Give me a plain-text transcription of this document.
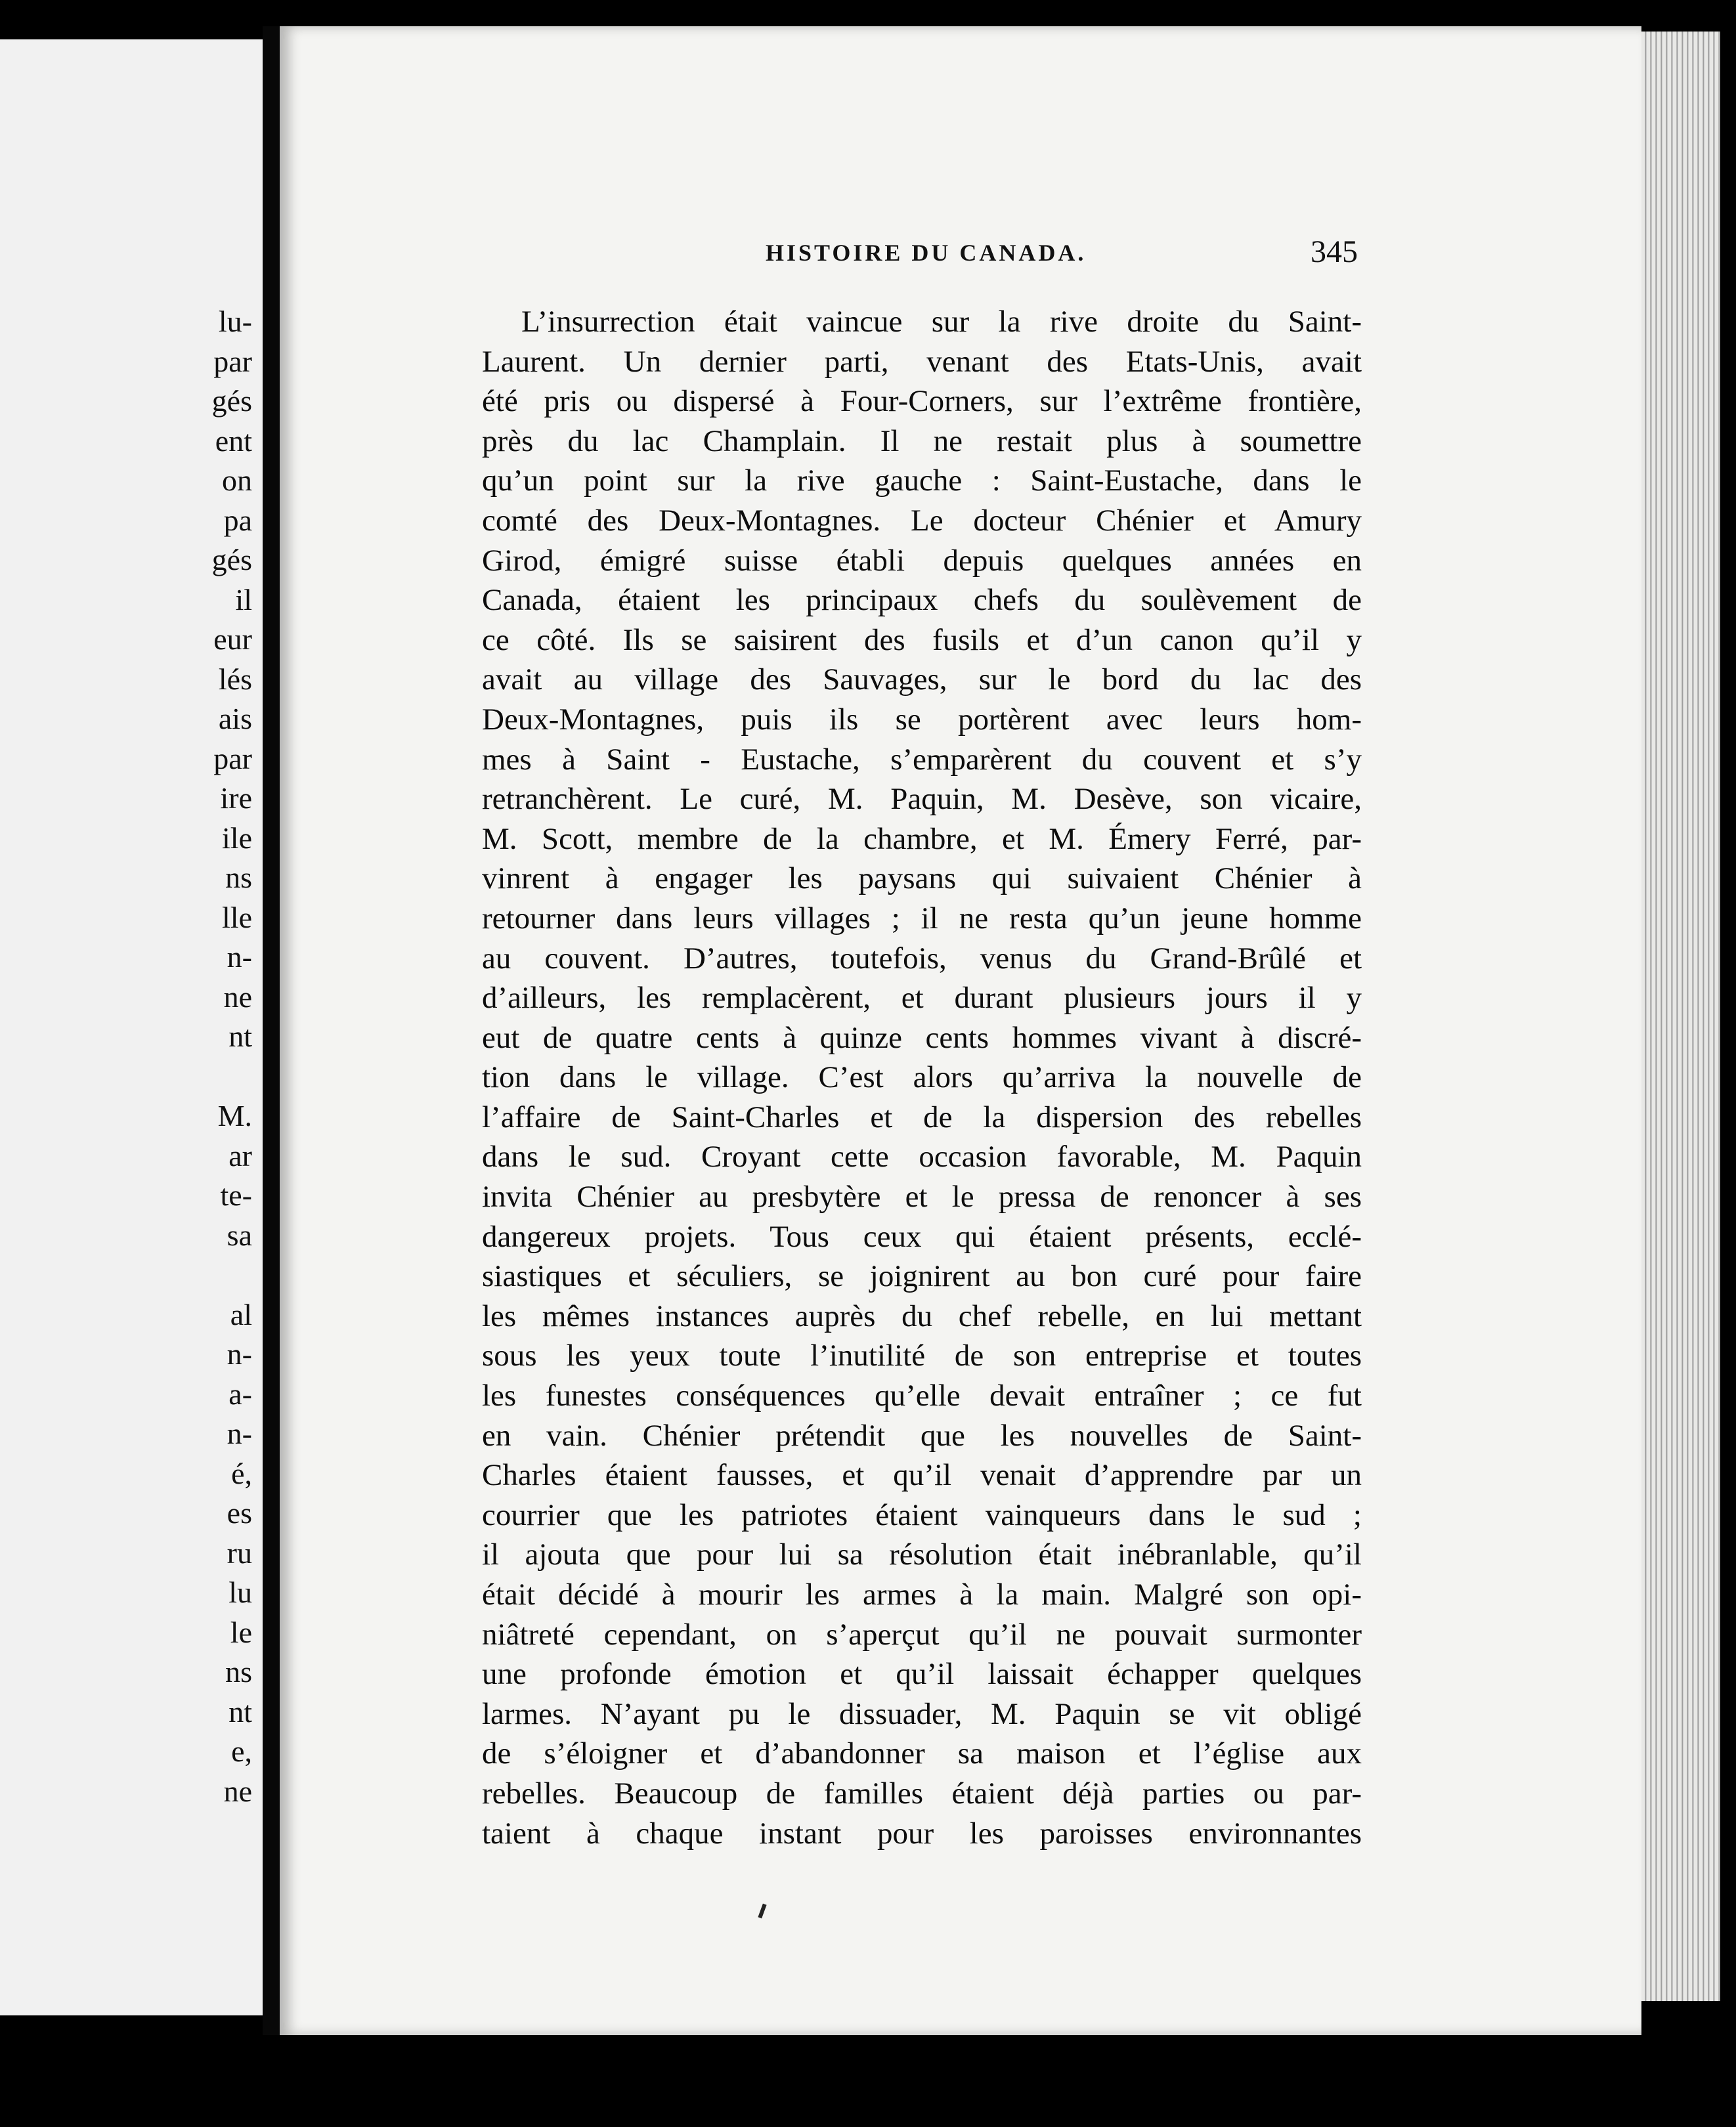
lu-
par
gés
ent
on
pa
gés
il
eur
lés
ais
par
ire
ile
ns
lle
n-
ne
nt
M.
ar
te-
sa
al
n-
a-
n-
é,
es
ru
lu
le
ns
nt
e,
ne
HISTOIRE DU CANADA.	345
L’insurrection était vaincue sur la rive droite du Saint-
Laurent. Un dernier parti, venant des Etats-Unis, avait
été pris ou dispersé à Four-Corners, sur l’extrême frontière,
près du lac Champlain. Il ne restait plus à soumettre
qu’un point sur la rive gauche : Saint-Eustache, dans le
comté des Deux-Montagnes. Le docteur Chénier et Amury
Girod, émigré suisse établi depuis quelques années en
Canada, étaient les principaux chefs du soulèvement de
ce côté. Ils se saisirent des fusils et d’un canon qu’il y
avait au village des Sauvages, sur le bord du lac des
Deux-Montagnes, puis ils se portèrent avec leurs hom-
mes à Saint - Eustache, s’emparèrent du couvent et s’y
retranchèrent. Le curé, M. Paquin, M. Desève, son vicaire,
M. Scott, membre de la chambre, et M. Émery Ferré, par-
vinrent à engager les paysans qui suivaient Chénier à
retourner dans leurs villages ; il ne resta qu’un jeune homme
au couvent. D’autres, toutefois, venus du Grand-Brûlé et
d’ailleurs, les remplacèrent, et durant plusieurs jours il y
eut de quatre cents à quinze cents hommes vivant à discré-
tion dans le village. C’est alors qu’arriva la nouvelle de
l’affaire de Saint-Charles et de la dispersion des rebelles
dans le sud. Croyant cette occasion favorable, M. Paquin
invita Chénier au presbytère et le pressa de renoncer à ses
dangereux projets. Tous ceux qui étaient présents, ecclé-
siastiques et séculiers, se joignirent au bon curé pour faire
les mêmes instances auprès du chef rebelle, en lui mettant
sous les yeux toute l’inutilité de son entreprise et toutes
les funestes conséquences qu’elle devait entraîner ; ce fut
en vain. Chénier prétendit que les nouvelles de Saint-
Charles étaient fausses, et qu’il venait d’apprendre par un
courrier que les patriotes étaient vainqueurs dans le sud ;
il ajouta que pour lui sa résolution était inébranlable, qu’il
était décidé à mourir les armes à la main. Malgré son opi-
niâtreté cependant, on s’aperçut qu’il ne pouvait surmonter
une profonde émotion et qu’il laissait échapper quelques
larmes. N’ayant pu le dissuader, M. Paquin se vit obligé
de s’éloigner et d’abandonner sa maison et l’église aux
rebelles. Beaucoup de familles étaient déjà parties ou par-
taient à chaque instant pour les paroisses environnantes
